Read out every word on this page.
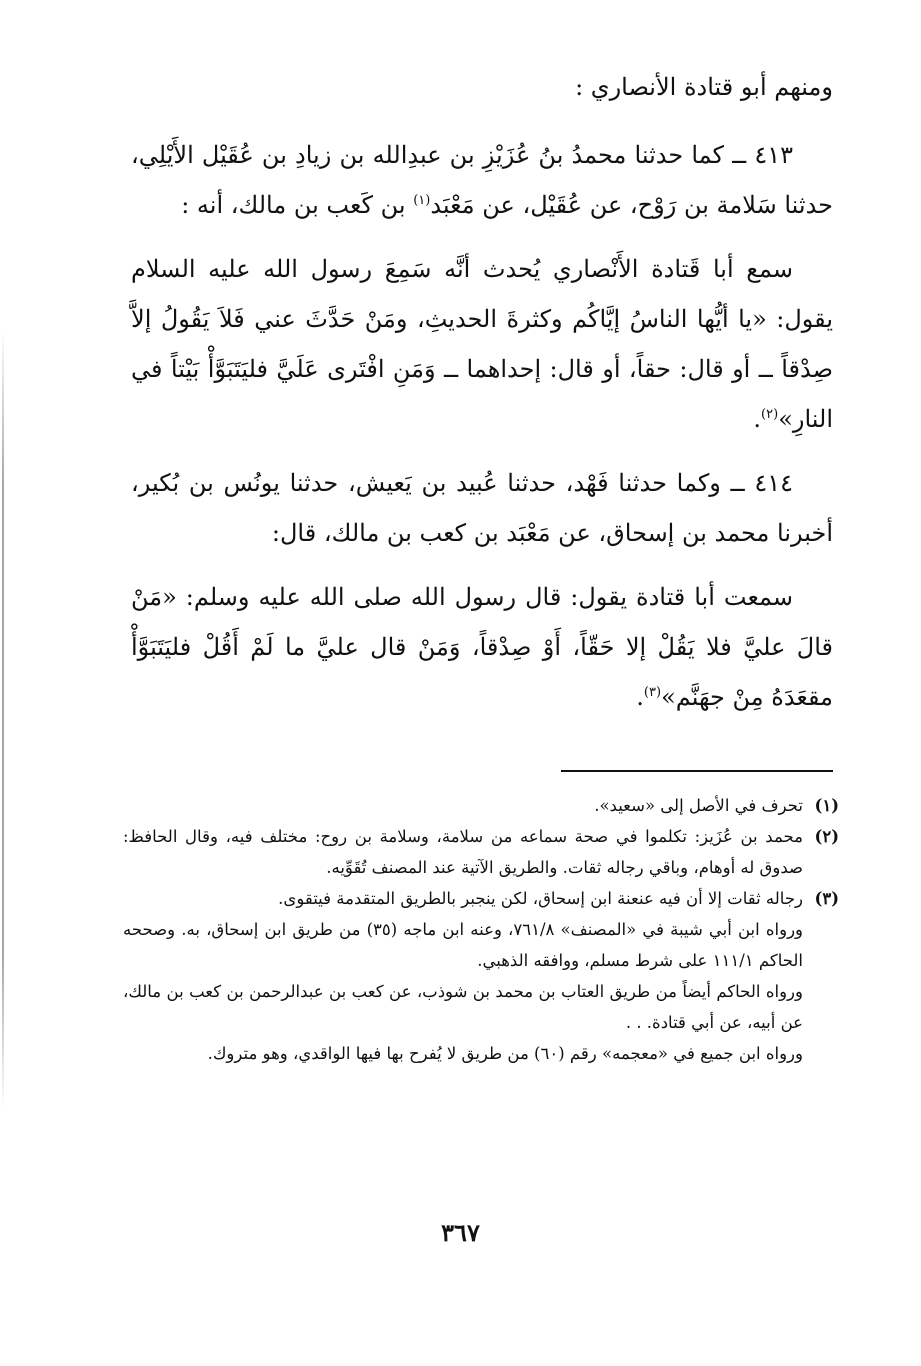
ومنهم أبو قتادة الأنصاري :

٤١٣ ــ كما حدثنا محمدُ بنُ عُزَيْزِ بن عبدِالله بن زيادِ بن عُقَيْل الأَيْلِي، حدثنا سَلامة بن رَوْح، عن عُقَيْل، عن مَعْبَد$^{(١)}$ بن كَعب بن مالك، أنه :

سمع أبا قَتادة الأَنْصاري يُحدث أنَّه سَمِعَ رسول الله عليه السلام يقول: «يا أيُّها الناسُ إيَّاكُم وكثرةَ الحديثِ، ومَنْ حَدَّثَ عني فَلاَ يَقُولُ إلاَّ صِدْقاً ــ أو قال: حقاً، أو قال: إحداهما ــ وَمَنِ افْتَرى عَلَيَّ فليَتَبَوَّأْ بَيْتاً في النارِ»$^{(٢)}$.

٤١٤ ــ وكما حدثنا فَهْد، حدثنا عُبيد بن يَعيش، حدثنا يونُس بن بُكير، أخبرنا محمد بن إسحاق، عن مَعْبَد بن كعب بن مالك، قال:

سمعت أبا قتادة يقول: قال رسول الله صلى الله عليه وسلم: «مَنْ قالَ عليَّ فلا يَقُلْ إلا حَقّاً، أَوْ صِدْقاً، وَمَنْ قال عليَّ ما لَمْ أَقُلْ فليَتَبَوَّأْ مقعَدَهُ مِنْ جهَنَّم»$^{(٣)}$.

(١)

تحرف في الأصل إلى «سعيد».

(٢)

محمد بن عُزَيز: تكلموا في صحة سماعه من سلامة، وسلامة بن روح: مختلف فيه، وقال الحافظ: صدوق له أوهام، وباقي رجاله ثقات. والطريق الآتية عند المصنف تُقَوِّيه.

(٣)

رجاله ثقات إلا أن فيه عنعنة ابن إسحاق، لكن ينجبر بالطريق المتقدمة فيتقوى.

ورواه ابن أبي شيبة في «المصنف» ٧٦١/٨، وعنه ابن ماجه (٣٥) من طريق ابن إسحاق، به. وصححه الحاكم ١١١/١ على شرط مسلم، ووافقه الذهبي.

ورواه الحاكم أيضاً من طريق العتاب بن محمد بن شوذب، عن كعب بن عبدالرحمن بن كعب بن مالك، عن أبيه، عن أبي قتادة. . .

ورواه ابن جميع في «معجمه» رقم (٦٠) من طريق لا يُفرح بها فيها الواقدي، وهو متروك.

٣٦٧
